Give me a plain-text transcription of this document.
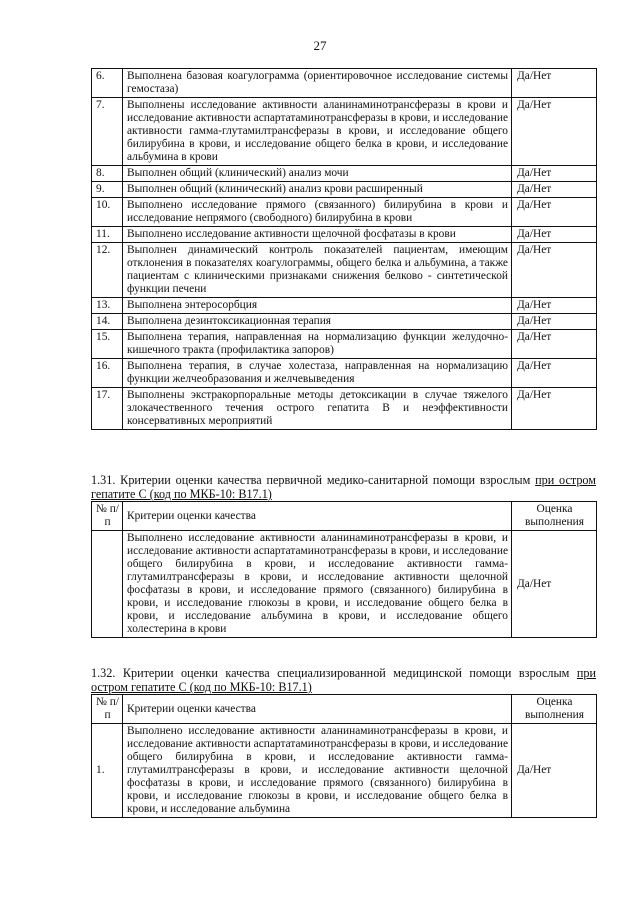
27
6.	Выполнена базовая коагулограмма (ориентировочное исследование системы гемостаза)	Да/Нет
7.	Выполнены исследование активности аланинаминотрансферазы в крови и исследование активности аспартатаминотрансферазы в крови, и исследование активности гамма-глутамилтрансферазы в крови, и исследование общего билирубина в крови, и исследование общего белка в крови, и исследование альбумина в крови	Да/Нет
8.	Выполнен общий (клинический) анализ мочи	Да/Нет
9.	Выполнен общий (клинический) анализ крови расширенный	Да/Нет
10.	Выполнено исследование прямого (связанного) билирубина в крови и исследование непрямого (свободного) билирубина в крови	Да/Нет
11.	Выполнено исследование активности щелочной фосфатазы в крови	Да/Нет
12.	Выполнен динамический контроль показателей пациентам, имеющим отклонения в показателях коагулограммы, общего белка и альбумина, а также пациентам с клиническими признаками снижения белково - синтетической функции печени	Да/Нет
13.	Выполнена энтеросорбция	Да/Нет
14.	Выполнена дезинтоксикационная терапия	Да/Нет
15.	Выполнена терапия, направленная на нормализацию функции желудочно-кишечного тракта (профилактика запоров)	Да/Нет
16.	Выполнена терапия, в случае холестаза, направленная на нормализацию функции желчеобразования и желчевыведения	Да/Нет
17.	Выполнены экстракорпоральные методы детоксикации в случае тяжелого злокачественного течения острого гепатита В и неэффективности консервативных мероприятий	Да/Нет
1.31. Критерии оценки качества первичной медико-санитарной помощи взрослым при остром гепатите С (код по МКБ-10: В17.1)
№ п/п	Критерии оценки качества	Оценка выполнения
	Выполнено исследование активности аланинаминотрансферазы в крови, и исследование активности аспартатаминотрансферазы в крови, и исследование общего билирубина в крови, и исследование активности гамма-глутамилтрансферазы в крови, и исследование активности щелочной фосфатазы в крови, и исследование прямого (связанного) билирубина в крови, и исследование глюкозы в крови, и исследование общего белка в крови, и исследование альбумина в крови, и исследование общего холестерина в крови	Да/Нет
1.32. Критерии оценки качества специализированной медицинской помощи взрослым при остром гепатите С (код по МКБ-10: В17.1)
№ п/п	Критерии оценки качества	Оценка выполнения
1.	Выполнено исследование активности аланинаминотрансферазы в крови, и исследование активности аспартатаминотрансферазы в крови, и исследование общего билирубина в крови, и исследование активности гамма-глутамилтрансферазы в крови, и исследование активности щелочной фосфатазы в крови, и исследование прямого (связанного) билирубина в крови, и исследование глюкозы в крови, и исследование общего белка в крови, и исследование альбумина	Да/Нет
